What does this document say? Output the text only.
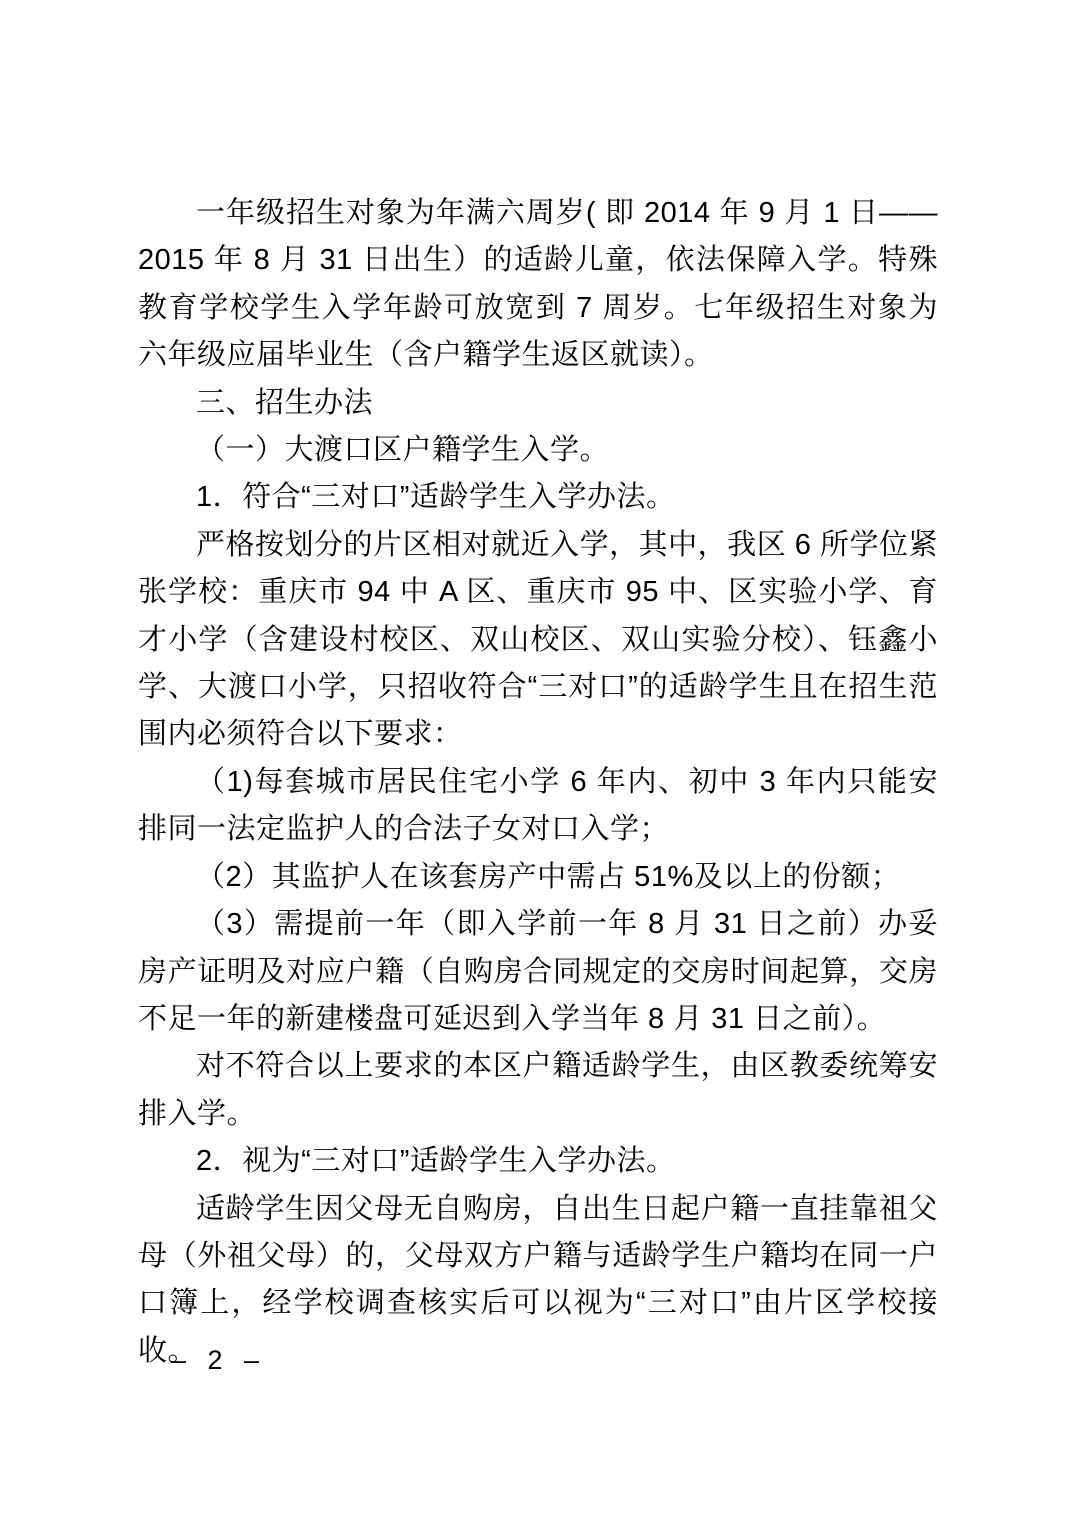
一年级招生对象为年满六周岁( 即 2014 年 9 月 1 日——2015 年 8 月 31 日出生）的适龄儿童，依法保障入学。特殊教育学校学生入学年龄可放宽到 7 周岁。七年级招生对象为六年级应届毕业生（含户籍学生返区就读）。

三、招生办法

（一）大渡口区户籍学生入学。

1．符合“三对口”适龄学生入学办法。

严格按划分的片区相对就近入学，其中，我区 6 所学位紧张学校：重庆市 94 中 A 区、重庆市 95 中、区实验小学、育才小学（含建设村校区、双山校区、双山实验分校）、钰鑫小学、大渡口小学，只招收符合“三对口”的适龄学生且在招生范围内必须符合以下要求：

（1)每套城市居民住宅小学 6 年内、初中 3 年内只能安排同一法定监护人的合法子女对口入学；

（2）其监护人在该套房产中需占 51%及以上的份额；

（3）需提前一年（即入学前一年 8 月 31 日之前）办妥房产证明及对应户籍（自购房合同规定的交房时间起算，交房不足一年的新建楼盘可延迟到入学当年 8 月 31 日之前）。

对不符合以上要求的本区户籍适龄学生，由区教委统筹安排入学。

2．视为“三对口”适龄学生入学办法。

适龄学生因父母无自购房，自出生日起户籍一直挂靠祖父母（外祖父母）的，父母双方户籍与适龄学生户籍均在同一户口簿上，经学校调查核实后可以视为“三对口”由片区学校接收。

– 2 –
